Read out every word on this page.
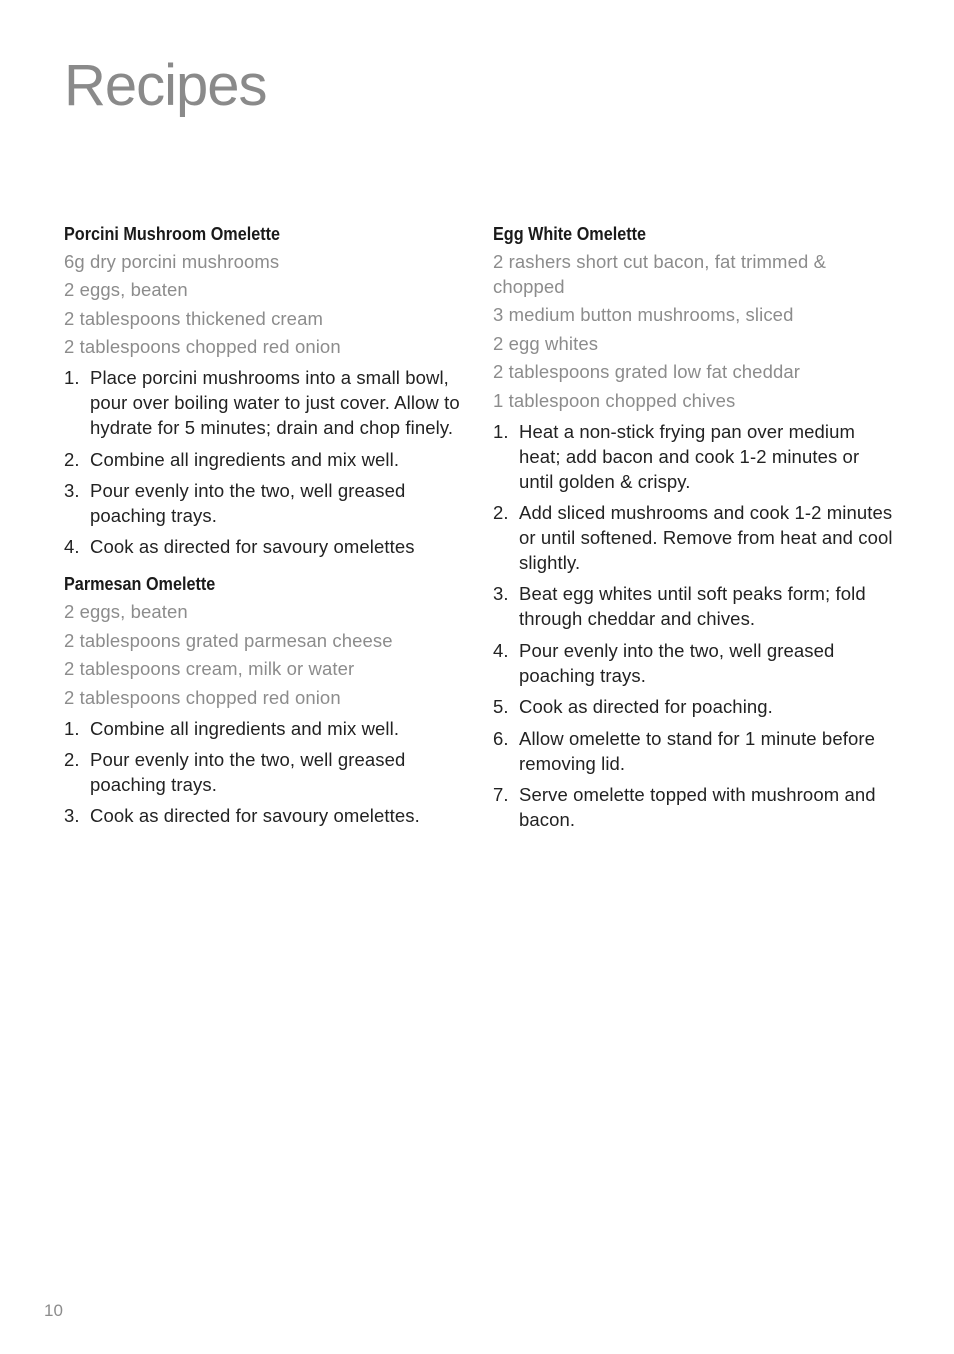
Recipes
Porcini Mushroom Omelette
6g dry porcini mushrooms
2 eggs, beaten
2 tablespoons thickened cream
2 tablespoons chopped red onion
1. Place porcini mushrooms into a small bowl, pour over boiling water to just cover. Allow to hydrate for 5 minutes; drain and chop finely.
2. Combine all ingredients and mix well.
3. Pour evenly into the two, well greased poaching trays.
4. Cook as directed for savoury omelettes
Parmesan Omelette
2 eggs, beaten
2 tablespoons grated parmesan cheese
2 tablespoons cream, milk or water
2 tablespoons chopped red onion
1. Combine all ingredients and mix well.
2. Pour evenly into the two, well greased poaching trays.
3. Cook as directed for savoury omelettes.
Egg White Omelette
2 rashers short cut bacon, fat trimmed & chopped
3 medium button mushrooms, sliced
2 egg whites
2 tablespoons grated low fat cheddar
1 tablespoon chopped chives
1. Heat a non-stick frying pan over medium heat; add bacon and cook 1-2 minutes or until golden & crispy.
2. Add sliced mushrooms and cook 1-2 minutes or until softened. Remove from heat and cool slightly.
3. Beat egg whites until soft peaks form; fold through cheddar and chives.
4. Pour evenly into the two, well greased poaching trays.
5. Cook as directed for poaching.
6. Allow omelette to stand for 1 minute before removing lid.
7. Serve omelette topped with mushroom and bacon.
10
